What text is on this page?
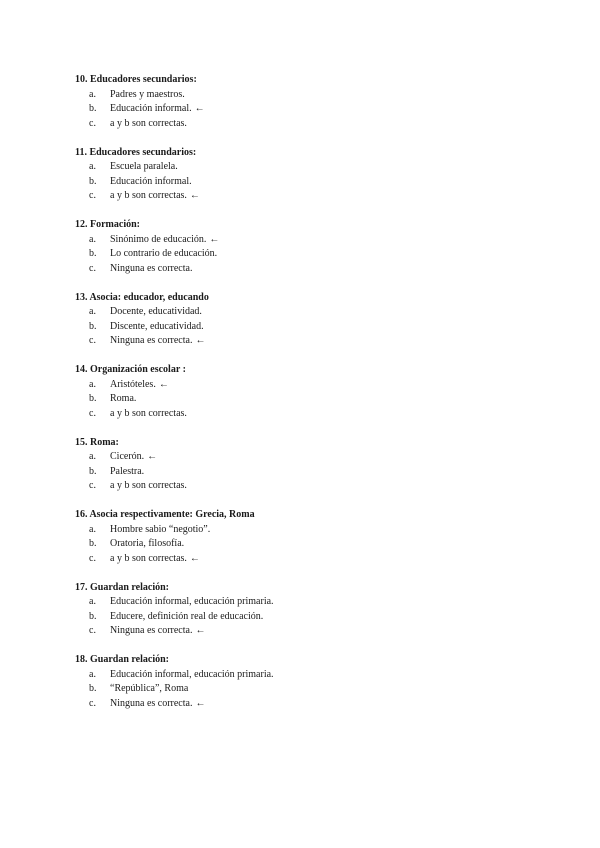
10. Educadores secundarios:
a. Padres y maestros.
b. Educación informal. ←
c. a y b son correctas.
11. Educadores secundarios:
a. Escuela paralela.
b. Educación informal.
c. a y b son correctas. ←
12. Formación:
a. Sinónimo de educación. ←
b. Lo contrario de educación.
c. Ninguna es correcta.
13. Asocia: educador, educando
a. Docente, educatividad.
b. Discente, educatividad.
c. Ninguna es correcta. ←
14. Organización escolar :
a. Aristóteles. ←
b. Roma.
c. a y b son correctas.
15. Roma:
a. Cicerón. ←
b. Palestra.
c. a y b son correctas.
16. Asocia respectivamente: Grecia, Roma
a. Hombre sabio “negotio”.
b. Oratoria, filosofía.
c. a y b son correctas. ←
17. Guardan relación:
a. Educación informal, educación primaria.
b. Educere, definición real de educación.
c. Ninguna es correcta. ←
18. Guardan relación:
a. Educación informal, educación primaria.
b. “República”, Roma
c. Ninguna es correcta. ←
